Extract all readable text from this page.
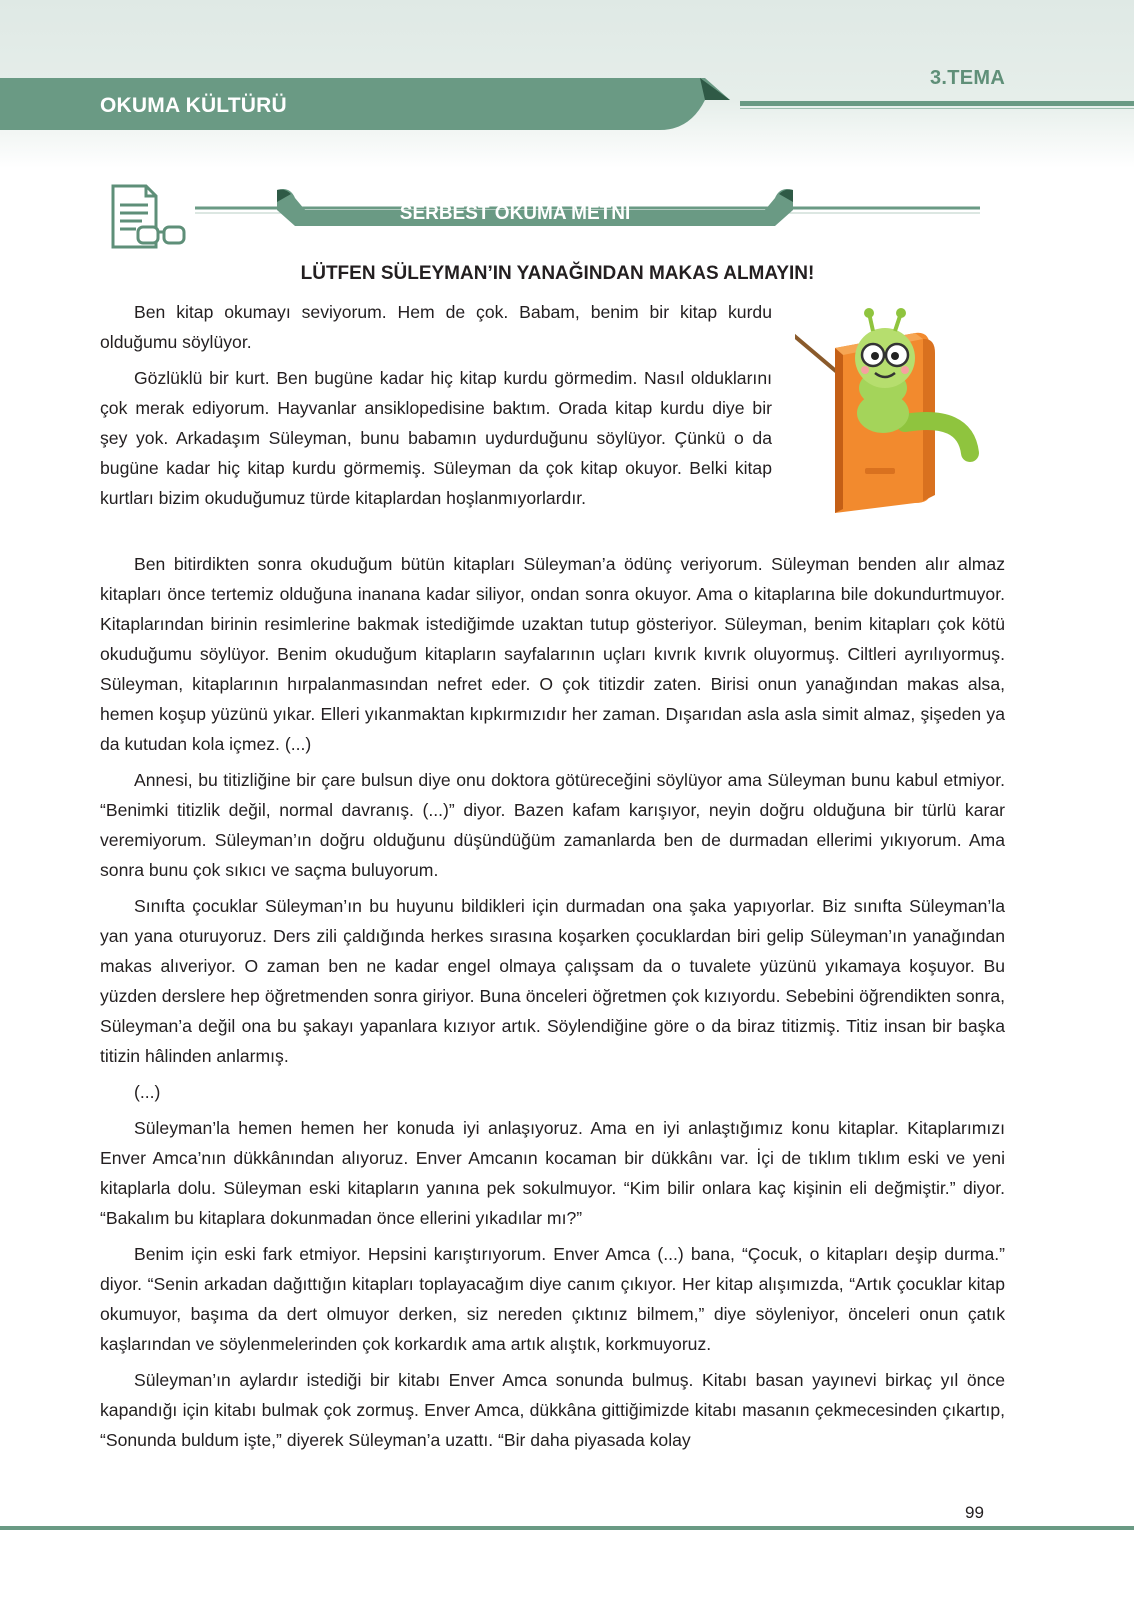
3.TEMA
OKUMA KÜLTÜRÜ
SERBEST OKUMA METNİ
LÜTFEN SÜLEYMAN’IN YANAĞINDAN MAKAS ALMAYIN!

Ben kitap okumayı seviyorum. Hem de çok. Babam, benim bir kitap kurdu olduğumu söylüyor.

Gözlüklü bir kurt. Ben bugüne kadar hiç kitap kurdu görmedim. Nasıl olduklarını çok merak ediyorum. Hayvanlar ansiklopedisine baktım. Orada kitap kurdu diye bir şey yok. Arkadaşım Süleyman, bunu babamın uydurduğunu söylüyor. Çünkü o da bugüne kadar hiç kitap kurdu görmemiş. Süleyman da çok kitap okuyor. Belki kitap kurtları bizim okuduğumuz türde kitaplardan hoşlanmıyorlardır.

Ben bitirdikten sonra okuduğum bütün kitapları Süleyman’a ödünç veriyorum. Süleyman benden alır almaz kitapları önce tertemiz olduğuna inanana kadar siliyor, ondan sonra okuyor. Ama o kitaplarına bile dokundurtmuyor. Kitaplarından birinin resimlerine bakmak istediğimde uzaktan tutup gösteriyor. Süleyman, benim kitapları çok kötü okuduğumu söylüyor. Benim okuduğum kitapların sayfalarının uçları kıvrık kıvrık oluyormuş. Ciltleri ayrılıyormuş. Süleyman, kitaplarının hırpalanmasından nefret eder. O çok titizdir zaten. Birisi onun yanağından makas alsa, hemen koşup yüzünü yıkar. Elleri yıkanmaktan kıpkırmızıdır her zaman. Dışarıdan asla asla simit almaz, şişeden ya da kutudan kola içmez. (...)

Annesi, bu titizliğine bir çare bulsun diye onu doktora götüreceğini söylüyor ama Süleyman bunu kabul etmiyor. “Benimki titizlik değil, normal davranış. (...)” diyor. Bazen kafam karışıyor, neyin doğru olduğuna bir türlü karar veremiyorum. Süleyman’ın doğru olduğunu düşündüğüm zamanlarda ben de durmadan ellerimi yıkıyorum. Ama sonra bunu çok sıkıcı ve saçma buluyorum.

Sınıfta çocuklar Süleyman’ın bu huyunu bildikleri için durmadan ona şaka yapıyorlar. Biz sınıfta Süleyman’la yan yana oturuyoruz. Ders zili çaldığında herkes sırasına koşarken çocuklardan biri gelip Süleyman’ın yanağından makas alıveriyor. O zaman ben ne kadar engel olmaya çalışsam da o tuvalete yüzünü yıkamaya koşuyor. Bu yüzden derslere hep öğretmenden sonra giriyor. Buna önceleri öğretmen çok kızıyordu. Sebebini öğrendikten sonra, Süleyman’a değil ona bu şakayı yapanlara kızıyor artık. Söylendiğine göre o da biraz titizmiş. Titiz insan bir başka titizin hâlinden anlarmış.

(...)

Süleyman’la hemen hemen her konuda iyi anlaşıyoruz. Ama en iyi anlaştığımız konu kitaplar. Kitaplarımızı Enver Amca’nın dükkânından alıyoruz. Enver Amcanın kocaman bir dükkânı var. İçi de tıklım tıklım eski ve yeni kitaplarla dolu. Süleyman eski kitapların yanına pek sokulmuyor. “Kim bilir onlara kaç kişinin eli değmiştir.” diyor. “Bakalım bu kitaplara dokunmadan önce ellerini yıkadılar mı?”

Benim için eski fark etmiyor. Hepsini karıştırıyorum. Enver Amca (...) bana, “Çocuk, o kitapları deşip durma.” diyor. “Senin arkadan dağıttığın kitapları toplayacağım diye canım çıkıyor. Her kitap alışımızda, “Artık çocuklar kitap okumuyor, başıma da dert olmuyor derken, siz nereden çıktınız bilmem,” diye söyleniyor, önceleri onun çatık kaşlarından ve söylenmelerinden çok korkardık ama artık alıştık, korkmuyoruz.

Süleyman’ın aylardır istediği bir kitabı Enver Amca sonunda bulmuş. Kitabı basan yayınevi birkaç yıl önce kapandığı için kitabı bulmak çok zormuş. Enver Amca, dükkâna gittiğimizde kitabı masanın çekmecesinden çıkartıp, “Sonunda buldum işte,” diyerek Süleyman’a uzattı. “Bir daha piyasada kolay

99
